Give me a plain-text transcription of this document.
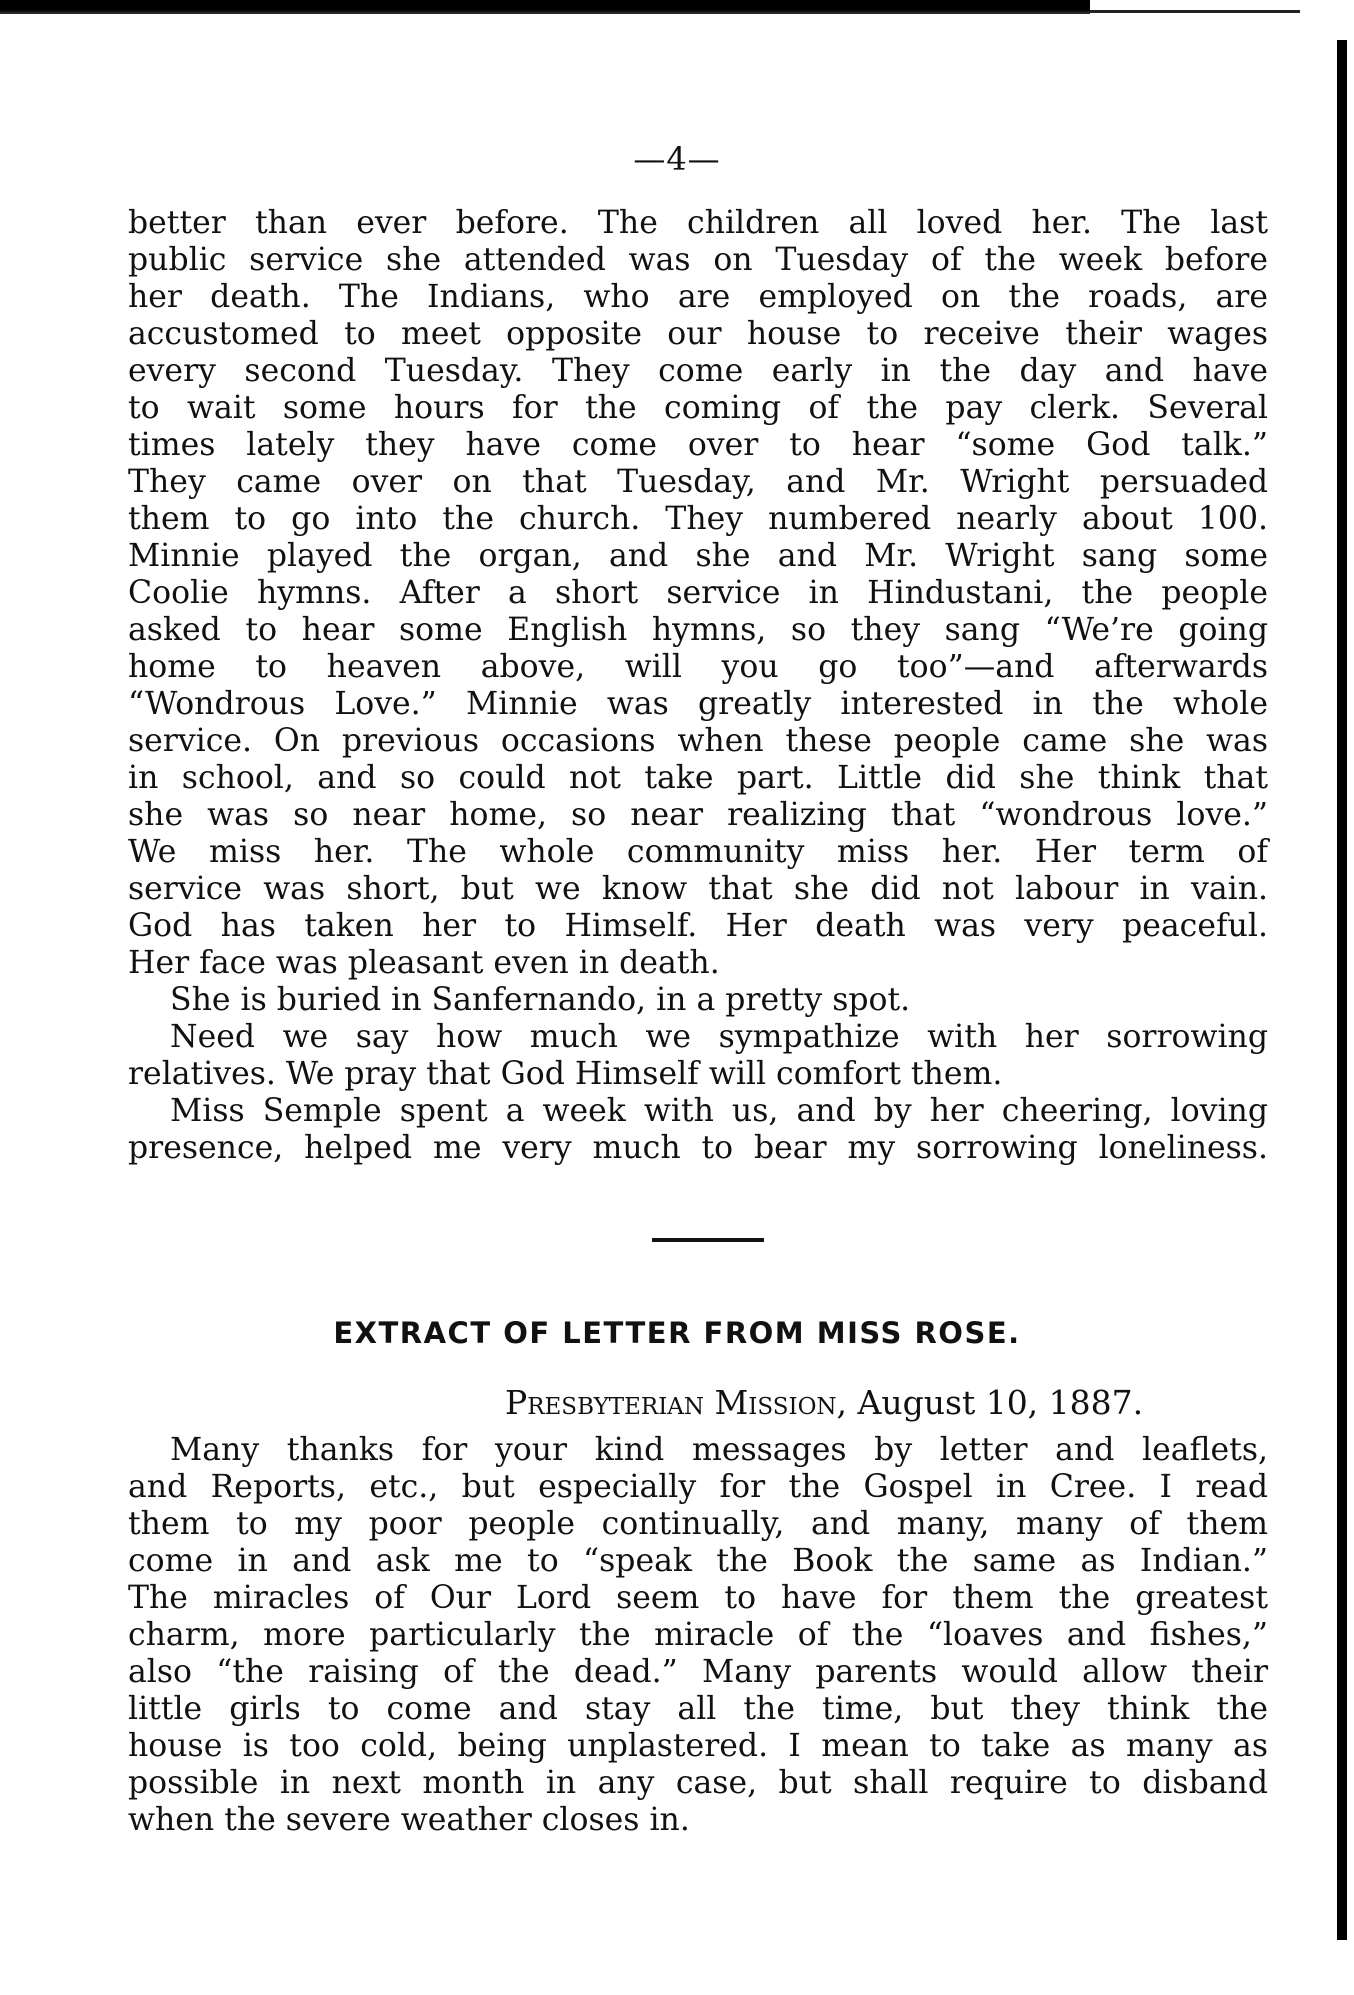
—4—
better than ever before. The children all loved her. The last
public service she attended was on Tuesday of the week before
her death. The Indians, who are employed on the roads, are
accustomed to meet opposite our house to receive their wages
every second Tuesday. They come early in the day and have
to wait some hours for the coming of the pay clerk. Several
times lately they have come over to hear “some God talk.”
They came over on that Tuesday, and Mr. Wright persuaded
them to go into the church. They numbered nearly about 100.
Minnie played the organ, and she and Mr. Wright sang some
Coolie hymns. After a short service in Hindustani, the people
asked to hear some English hymns, so they sang “We’re going
home to heaven above, will you go too”—and afterwards
“Wondrous Love.” Minnie was greatly interested in the whole
service. On previous occasions when these people came she was
in school, and so could not take part. Little did she think that
she was so near home, so near realizing that “wondrous love.”
We miss her. The whole community miss her. Her term of
service was short, but we know that she did not labour in vain.
God has taken her to Himself. Her death was very peaceful.
Her face was pleasant even in death.
She is buried in Sanfernando, in a pretty spot.
Need we say how much we sympathize with her sorrowing
relatives. We pray that God Himself will comfort them.
Miss Semple spent a week with us, and by her cheering, loving
presence, helped me very much to bear my sorrowing loneliness.
EXTRACT OF LETTER FROM MISS ROSE.
Presbyterian Mission, August 10, 1887.
Many thanks for your kind messages by letter and leaflets,
and Reports, etc., but especially for the Gospel in Cree. I read
them to my poor people continually, and many, many of them
come in and ask me to “speak the Book the same as Indian.”
The miracles of Our Lord seem to have for them the greatest
charm, more particularly the miracle of the “loaves and fishes,”
also “the raising of the dead.” Many parents would allow their
little girls to come and stay all the time, but they think the
house is too cold, being unplastered. I mean to take as many as
possible in next month in any case, but shall require to disband
when the severe weather closes in.
